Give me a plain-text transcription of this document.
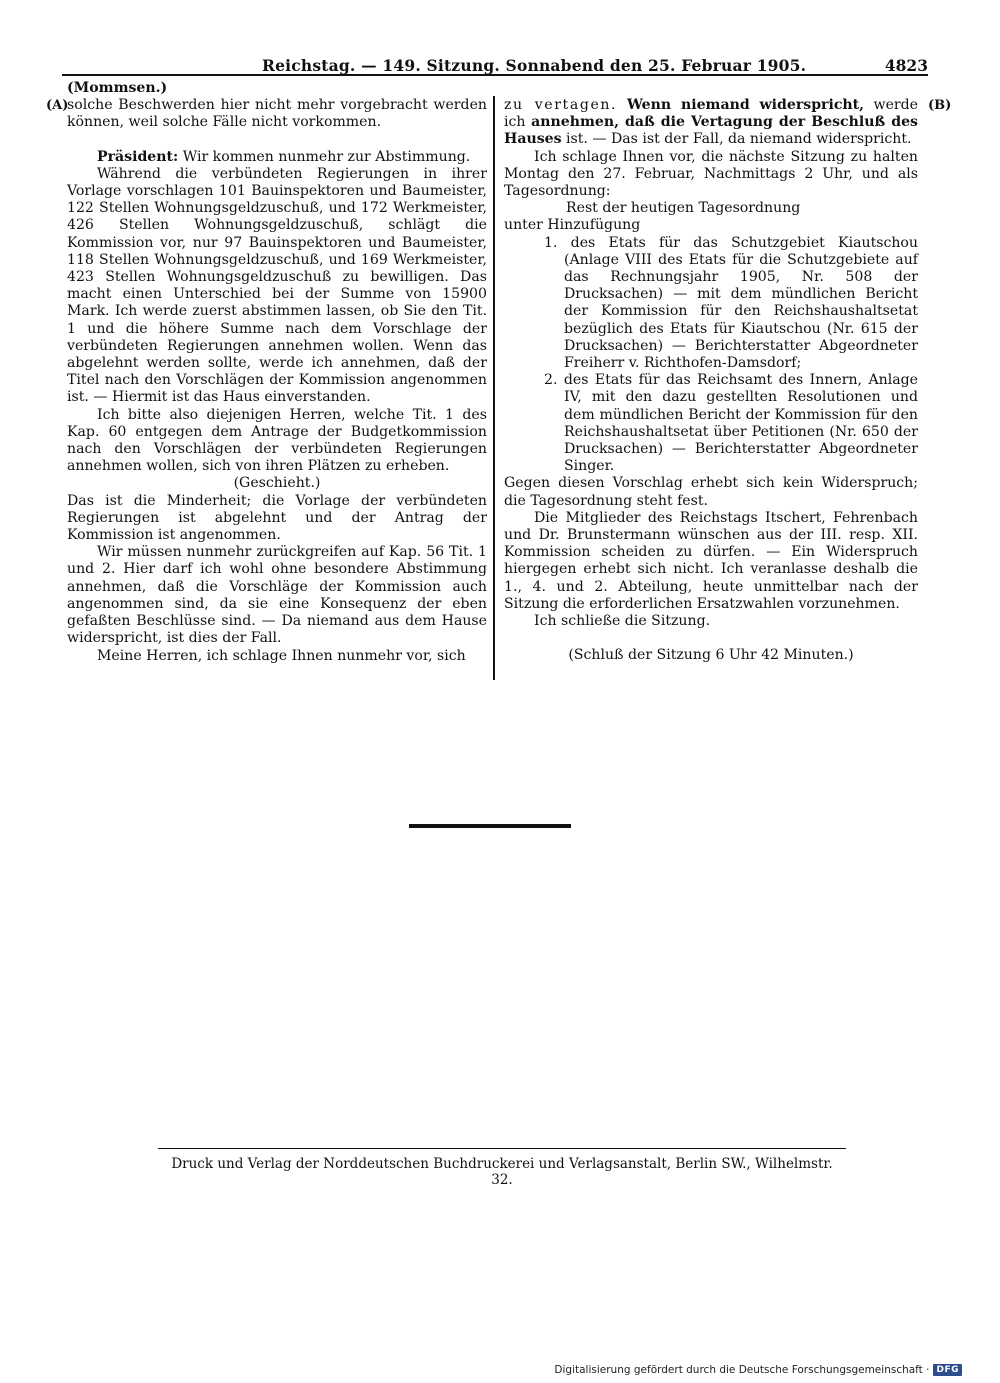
Reichstag. — 149. Sitzung. Sonnabend den 25. Februar 1905.	4823
(A)	(B)

(Mommsen.)

solche Beschwerden hier nicht mehr vorgebracht werden können, weil solche Fälle nicht vorkommen.

Präsident: Wir kommen nunmehr zur Abstimmung.

Während die verbündeten Regierungen in ihrer Vorlage vorschlagen 101 Bauinspektoren und Baumeister, 122 Stellen Wohnungsgeldzuschuß, und 172 Werkmeister, 426 Stellen Wohnungsgeldzuschuß, schlägt die Kommission vor, nur 97 Bauinspektoren und Baumeister, 118 Stellen Wohnungsgeldzuschuß, und 169 Werkmeister, 423 Stellen Wohnungsgeldzuschuß zu bewilligen. Das macht einen Unterschied bei der Summe von 15900 Mark. Ich werde zuerst abstimmen lassen, ob Sie den Tit. 1 und die höhere Summe nach dem Vorschlage der verbündeten Regierungen annehmen wollen. Wenn das abgelehnt werden sollte, werde ich annehmen, daß der Titel nach den Vorschlägen der Kommission angenommen ist. — Hiermit ist das Haus einverstanden.

Ich bitte also diejenigen Herren, welche Tit. 1 des Kap. 60 entgegen dem Antrage der Budgetkommission nach den Vorschlägen der verbündeten Regierungen annehmen wollen, sich von ihren Plätzen zu erheben.

(Geschieht.)

Das ist die Minderheit; die Vorlage der verbündeten Regierungen ist abgelehnt und der Antrag der Kommission ist angenommen.

Wir müssen nunmehr zurückgreifen auf Kap. 56 Tit. 1 und 2. Hier darf ich wohl ohne besondere Abstimmung annehmen, daß die Vorschläge der Kommission auch angenommen sind, da sie eine Konsequenz der eben gefaßten Beschlüsse sind. — Da niemand aus dem Hause widerspricht, ist dies der Fall.

Meine Herren, ich schlage Ihnen nunmehr vor, sich

zu vertagen. Wenn niemand widerspricht, werde ich annehmen, daß die Vertagung der Beschluß des Hauses ist. — Das ist der Fall, da niemand widerspricht.

Ich schlage Ihnen vor, die nächste Sitzung zu halten Montag den 27. Februar, Nachmittags 2 Uhr, und als Tagesordnung:

Rest der heutigen Tagesordnung

unter Hinzufügung

1. des Etats für das Schutzgebiet Kiautschou (Anlage VIII des Etats für die Schutzgebiete auf das Rechnungsjahr 1905, Nr. 508 der Drucksachen) — mit dem mündlichen Bericht der Kommission für den Reichshaushaltsetat bezüglich des Etats für Kiautschou (Nr. 615 der Drucksachen) — Berichterstatter Abgeordneter Freiherr v. Richthofen-Damsdorf;

2. des Etats für das Reichsamt des Innern, Anlage IV, mit den dazu gestellten Resolutionen und dem mündlichen Bericht der Kommission für den Reichshaushaltsetat über Petitionen (Nr. 650 der Drucksachen) — Berichterstatter Abgeordneter Singer.

Gegen diesen Vorschlag erhebt sich kein Widerspruch; die Tagesordnung steht fest.

Die Mitglieder des Reichstags Itschert, Fehrenbach und Dr. Brunstermann wünschen aus der III. resp. XII. Kommission scheiden zu dürfen. — Ein Widerspruch hiergegen erhebt sich nicht. Ich veranlasse deshalb die 1., 4. und 2. Abteilung, heute unmittelbar nach der Sitzung die erforderlichen Ersatzwahlen vorzunehmen.

Ich schließe die Sitzung.

(Schluß der Sitzung 6 Uhr 42 Minuten.)

Druck und Verlag der Norddeutschen Buchdruckerei und Verlagsanstalt, Berlin SW., Wilhelmstr. 32.
Digitalisierung gefördert durch die Deutsche Forschungsgemeinschaft · DFG
